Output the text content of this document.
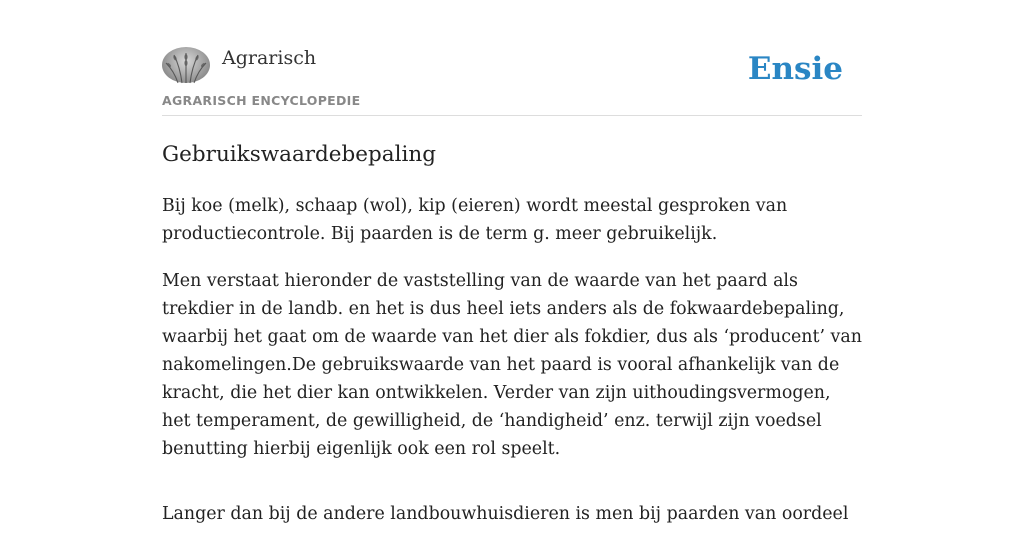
Agrarisch
AGRARISCH ENCYCLOPEDIE
Ensie
Gebruikswaardebepaling

Bij koe (melk), schaap (wol), kip (eieren) wordt meestal gesproken van productiecontrole. Bij paarden is de term g. meer gebruikelijk.

Men verstaat hieronder de vaststelling van de waarde van het paard als trekdier in de landb. en het is dus heel iets anders als de fokwaardebepaling, waarbij het gaat om de waarde van het dier als fokdier, dus als ‘producent’ van nakomelingen.De gebruikswaarde van het paard is vooral afhankelijk van de kracht, die het dier kan ontwikkelen. Verder van zijn uithoudingsvermogen, het temperament, de gewilligheid, de ‘handigheid’ enz. terwijl zijn voedsel benutting hierbij eigenlijk ook een rol speelt.

Langer dan bij de andere landbouwhuisdieren is men bij paarden van oordeel
